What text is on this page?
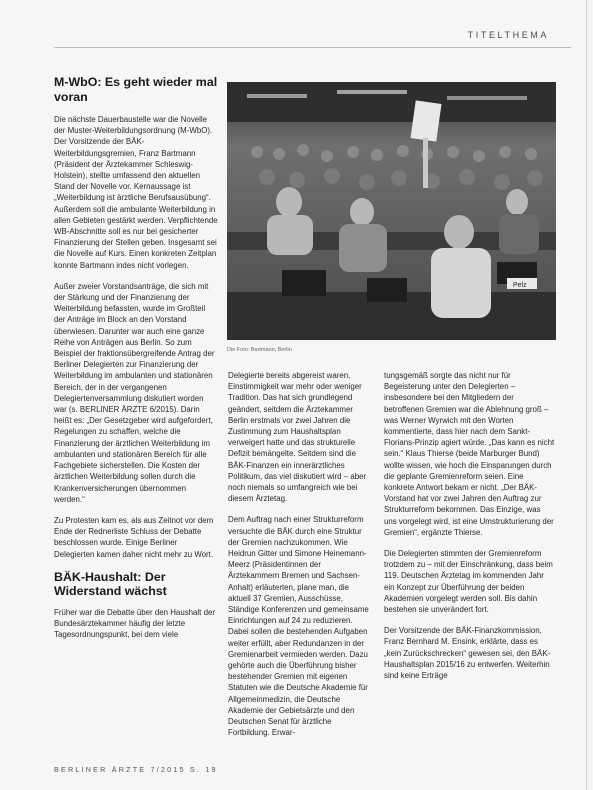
TITELTHEMA
M-WbO: Es geht wieder mal voran

Die nächste Dauerbaustelle war die Novelle der Muster-Weiterbildungsordnung (M-WbO). Der Vorsitzende der BÄK-Weiterbildungsgremien, Franz Bartmann (Präsident der Ärztekammer Schleswig-Holstein), stellte umfassend den aktuellen Stand der Novelle vor. Kernaussage ist „Weiterbildung ist ärztliche Berufsausübung“. Außerdem soll die ambulante Weiterbildung in allen Gebieten gestärkt werden. Verpflichtende WB-Abschnitte soll es nur bei gesicherter Finanzierung der Stellen geben. Insgesamt sei die Novelle auf Kurs. Einen konkreten Zeitplan konnte Bartmann indes nicht vorlegen.

Außer zweier Vorstandsanträge, die sich mit der Stärkung und der Finanzierung der Weiterbildung befassten, wurde im Großteil der Anträge im Block an den Vorstand überwiesen. Darunter war auch eine ganze Reihe von Anträgen aus Berlin. So zum Beispiel der fraktionsübergreifende Antrag der Berliner Delegierten zur Finanzierung der Weiterbildung im ambulanten und stationären Bereich, der in der vergangenen Delegiertenversammlung diskutiert worden war (s. BERLINER ÄRZTE 6/2015). Darin heißt es: „Der Gesetzgeber wird aufgefordert, Regelungen zu schaffen, welche die Finanzierung der ärztlichen Weiterbildung im ambulanten und stationären Bereich für alle Fachgebiete sicherstellen. Die Kosten der ärztlichen Weiterbildung sollen durch die Krankenversicherungen übernommen werden.“

Zu Protesten kam es, als aus Zeitnot vor dem Ende der Rednerliste Schluss der Debatte beschlossen wurde. Einige Berliner Delegierten kamen daher nicht mehr zu Wort.

BÄK-Haushalt: Der Widerstand wächst

Früher war die Debatte über den Haushalt der Bundesärztekammer häufig der letzte Tagesordnungspunkt, bei dem viele

Pelz
Die Foto: Bartmann, Berlin

Delegierte bereits abgereist waren, Einstimmigkeit war mehr oder weniger Tradition. Das hat sich grundlegend geändert, seitdem die Ärztekammer Berlin erstmals vor zwei Jahren die Zustimmung zum Haushaltsplan verweigert hatte und das strukturelle Defizit bemängelte. Seitdem sind die BÄK-Finanzen ein innerärztliches Politikum, das viel diskutiert wird – aber noch niemals so umfangreich wie bei diesem Ärztetag.

Dem Auftrag nach einer Strukturreform versuchte die BÄK durch eine Struktur der Gremien nachzukommen. Wie Heidrun Gitter und Simone Heinemann-Meerz (Präsidentinnen der Ärztekammern Bremen und Sachsen-Anhalt) erläuterten, plane man, die aktuell 37 Gremien, Ausschüsse, Ständige Konferenzen und gemeinsame Einrichtungen auf 24 zu reduzieren. Dabei sollen die bestehenden Aufgaben weiter erfüllt, aber Redundanzen in der Gremienarbeit vermieden werden. Dazu gehörte auch die Überführung bisher bestehender Gremien mit eigenen Statuten wie die Deutsche Akademie für Allgemeinmedizin, die Deutsche Akademie der Gebietsärzte und den Deutschen Senat für ärztliche Fortbildung. Erwar-

tungsgemäß sorgte das nicht nur für Begeisterung unter den Delegierten – insbesondere bei den Mitgliedern der betroffenen Gremien war die Ablehnung groß – was Werner Wyrwich mit den Worten kommentierte, dass hier nach dem Sankt-Florians-Prinzip agiert würde. „Das kann es nicht sein.“ Klaus Thierse (beide Marburger Bund) wollte wissen, wie hoch die Einsparungen durch die geplante Gremienreform seien. Eine konkrete Antwort bekam er nicht. „Der BÄK-Vorstand hat vor zwei Jahren den Auftrag zur Strukturreform bekommen. Das Einzige, was uns vorgelegt wird, ist eine Umstrukturierung der Gremien“, ergänzte Thierse.

Die Delegierten stimmten der Gremienreform trotzdem zu – mit der Einschränkung, dass beim 119. Deutschen Ärztetag im kommenden Jahr ein Konzept zur Überführung der beiden Akademien vorgelegt werden soll. Bis dahin bestehen sie unverändert fort.

Der Vorsitzende der BÄK-Finanzkommission, Franz Bernhard M. Ensink, erklärte, dass es „kein Zurückschrecken“ gewesen sei, den BÄK-Haushaltsplan 2015/16 zu entwerfen. Weiterhin sind keine Erträge

BERLINER ÄRZTE 7/2015 S. 19
